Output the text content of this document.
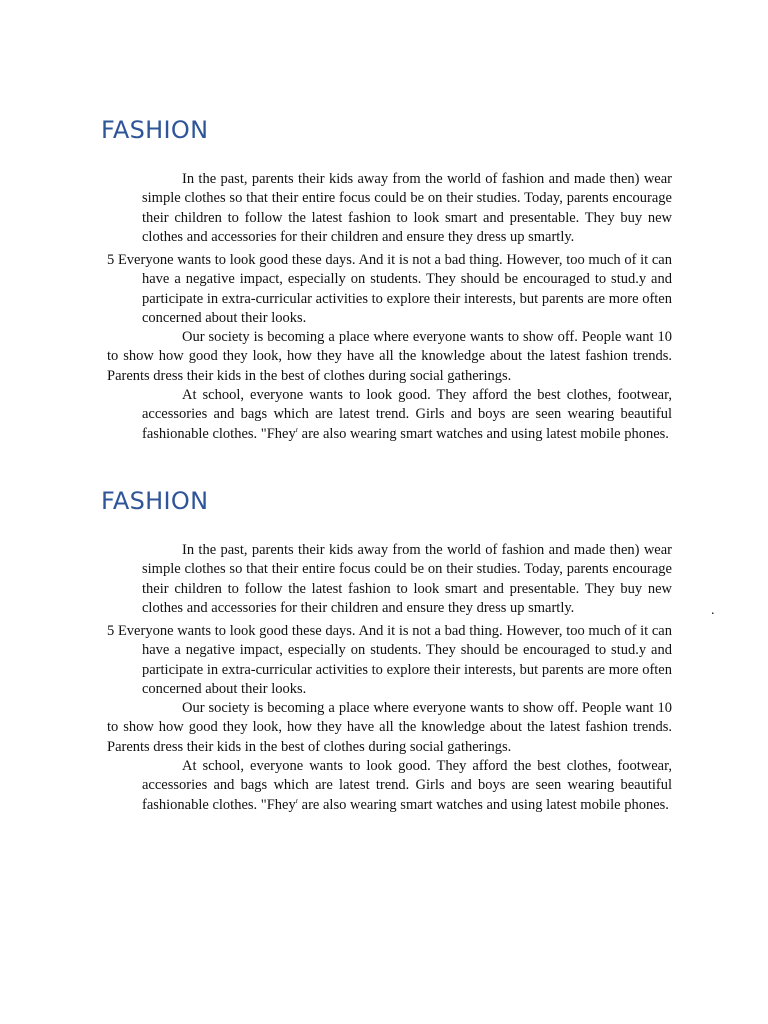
FASHION

In the past, parents their kids away from the world of fashion and made then) wear simple clothes so that their entire focus could be on their studies. Today, parents encourage their children to follow the latest fashion to look smart and presentable. They buy new clothes and accessories for their children and ensure they dress up smartly.

5 Everyone wants to look good these days. And it is not a bad thing. However, too much of it can have a negative impact, especially on students. They should be encouraged to stud.y and participate in extra-curricular activities to explore their interests, but parents are more often concerned about their looks.

Our society is becoming a place where everyone wants to show off. People want 10 to show how good they look, how they have all the knowledge about the latest fashion trends. Parents dress their kids in the best of clothes during social gatherings.

At school, everyone wants to look good. They afford the best clothes, footwear, accessories and bags which are latest trend. Girls and boys are seen wearing beautiful fashionable clothes. "Fhey$^r$ are also wearing smart watches and using latest mobile phones.

FASHION

In the past, parents their kids away from the world of fashion and made then) wear simple clothes so that their entire focus could be on their studies. Today, parents encourage their children to follow the latest fashion to look smart and presentable. They buy new clothes and accessories for their children and ensure they dress up smartly.

5 Everyone wants to look good these days. And it is not a bad thing. However, too much of it can have a negative impact, especially on students. They should be encouraged to stud.y and participate in extra-curricular activities to explore their interests, but parents are more often concerned about their looks.

Our society is becoming a place where everyone wants to show off. People want 10 to show how good they look, how they have all the knowledge about the latest fashion trends. Parents dress their kids in the best of clothes during social gatherings.

At school, everyone wants to look good. They afford the best clothes, footwear, accessories and bags which are latest trend. Girls and boys are seen wearing beautiful fashionable clothes. "Fhey$^r$ are also wearing smart watches and using latest mobile phones.

.
